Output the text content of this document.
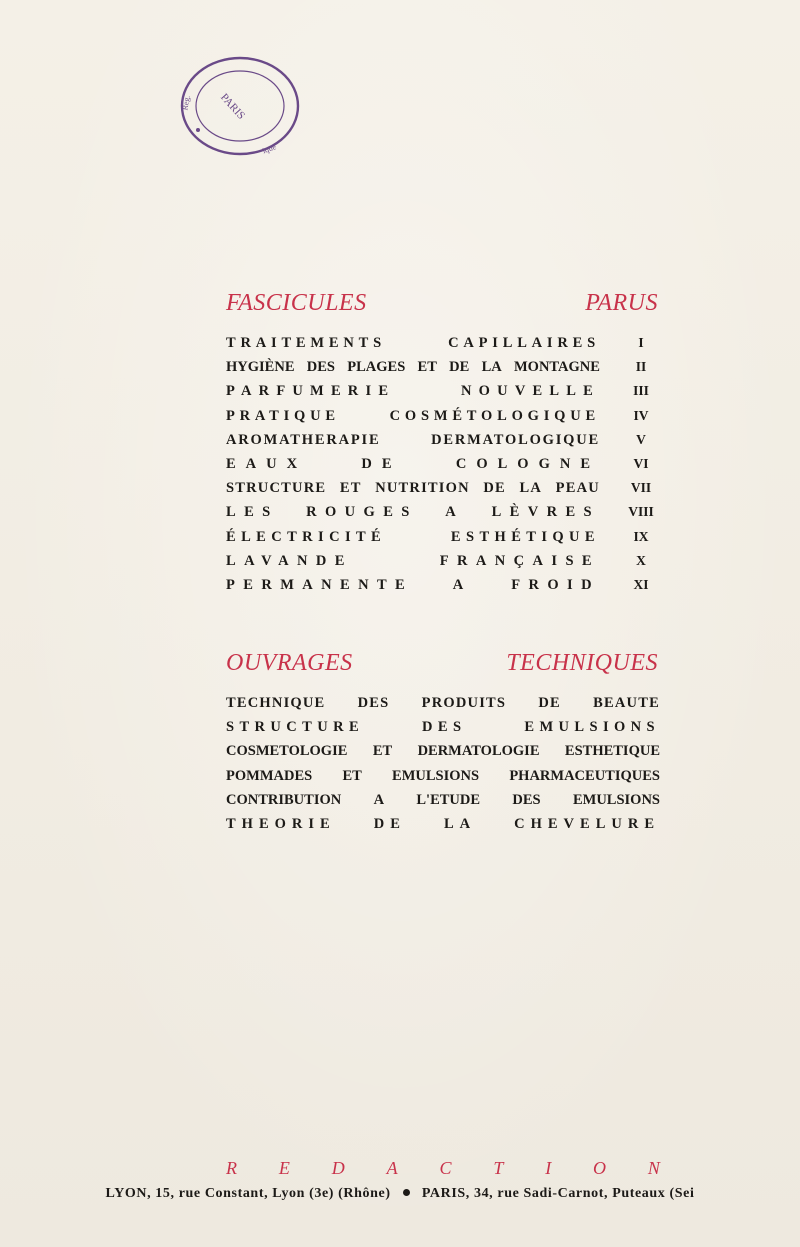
PARIS
Reg.
ique
FASCICULES	PARUS
TRAITEMENTS	CAPILLAIRES	I
HYGIÈNE DES PLAGES ET DE LA MONTAGNE	II
PARFUMERIE	NOUVELLE	III
PRATIQUE	COSMÉTOLOGIQUE	IV
AROMATHERAPIE	DERMATOLOGIQUE	V
EAUX	DE	COLOGNE	VI
STRUCTURE ET NUTRITION DE LA PEAU	VII
LES ROUGES A LÈVRES	VIII
ÉLECTRICITÉ	ESTHÉTIQUE	IX
LAVANDE	FRANÇAISE	X
PERMANENTE	A	FROID	XI
OUVRAGES	TECHNIQUES
TECHNIQUE DES PRODUITS DE BEAUTE
STRUCTURE	DES	EMULSIONS
COSMETOLOGIE ET DERMATOLOGIE ESTHETIQUE
POMMADES ET EMULSIONS PHARMACEUTIQUES
CONTRIBUTION A L'ETUDE DES EMULSIONS
THEORIE	DE	LA	CHEVELURE
R E D A C T I O N
LYON, 15, rue Constant, Lyon (3e) (Rhône) PARIS, 34, rue Sadi-Carnot, Puteaux (Sei
